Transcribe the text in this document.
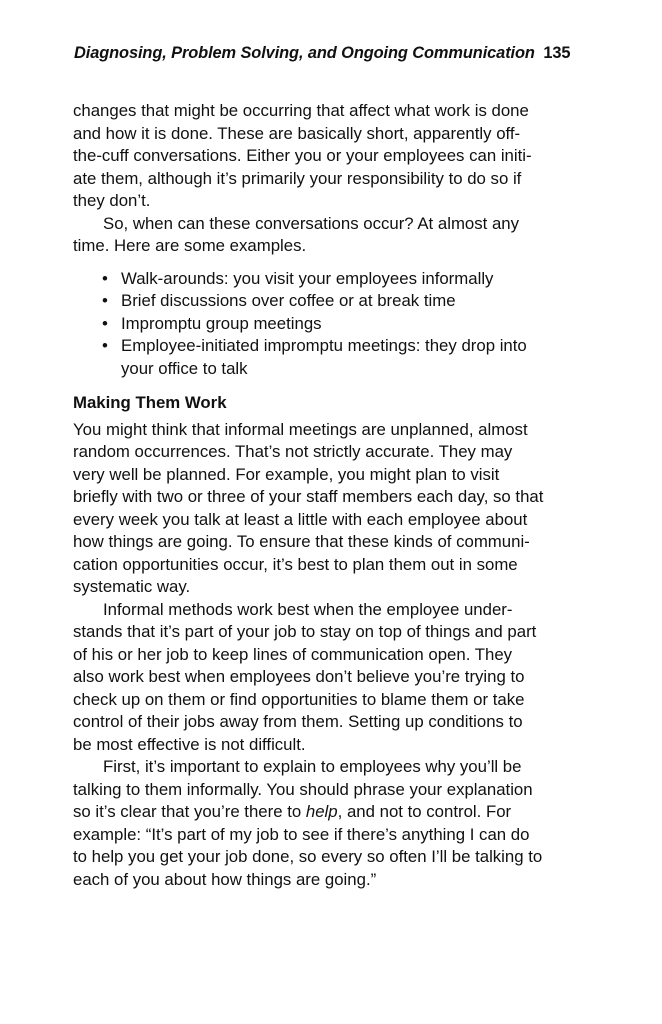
Diagnosing, Problem Solving, and Ongoing Communication 135
changes that might be occurring that affect what work is done
and how it is done. These are basically short, apparently off-
the-cuff conversations. Either you or your employees can initi-
ate them, although it’s primarily your responsibility to do so if
they don’t.
So, when can these conversations occur? At almost any
time. Here are some examples.
• Walk-arounds: you visit your employees informally
• Brief discussions over coffee or at break time
• Impromptu group meetings
• Employee-initiated impromptu meetings: they drop into
your office to talk
Making Them Work
You might think that informal meetings are unplanned, almost
random occurrences. That’s not strictly accurate. They may
very well be planned. For example, you might plan to visit
briefly with two or three of your staff members each day, so that
every week you talk at least a little with each employee about
how things are going. To ensure that these kinds of communi-
cation opportunities occur, it’s best to plan them out in some
systematic way.
Informal methods work best when the employee under-
stands that it’s part of your job to stay on top of things and part
of his or her job to keep lines of communication open. They
also work best when employees don’t believe you’re trying to
check up on them or find opportunities to blame them or take
control of their jobs away from them. Setting up conditions to
be most effective is not difficult.
First, it’s important to explain to employees why you’ll be
talking to them informally. You should phrase your explanation
so it’s clear that you’re there to help, and not to control. For
example: “It’s part of my job to see if there’s anything I can do
to help you get your job done, so every so often I’ll be talking to
each of you about how things are going.”
